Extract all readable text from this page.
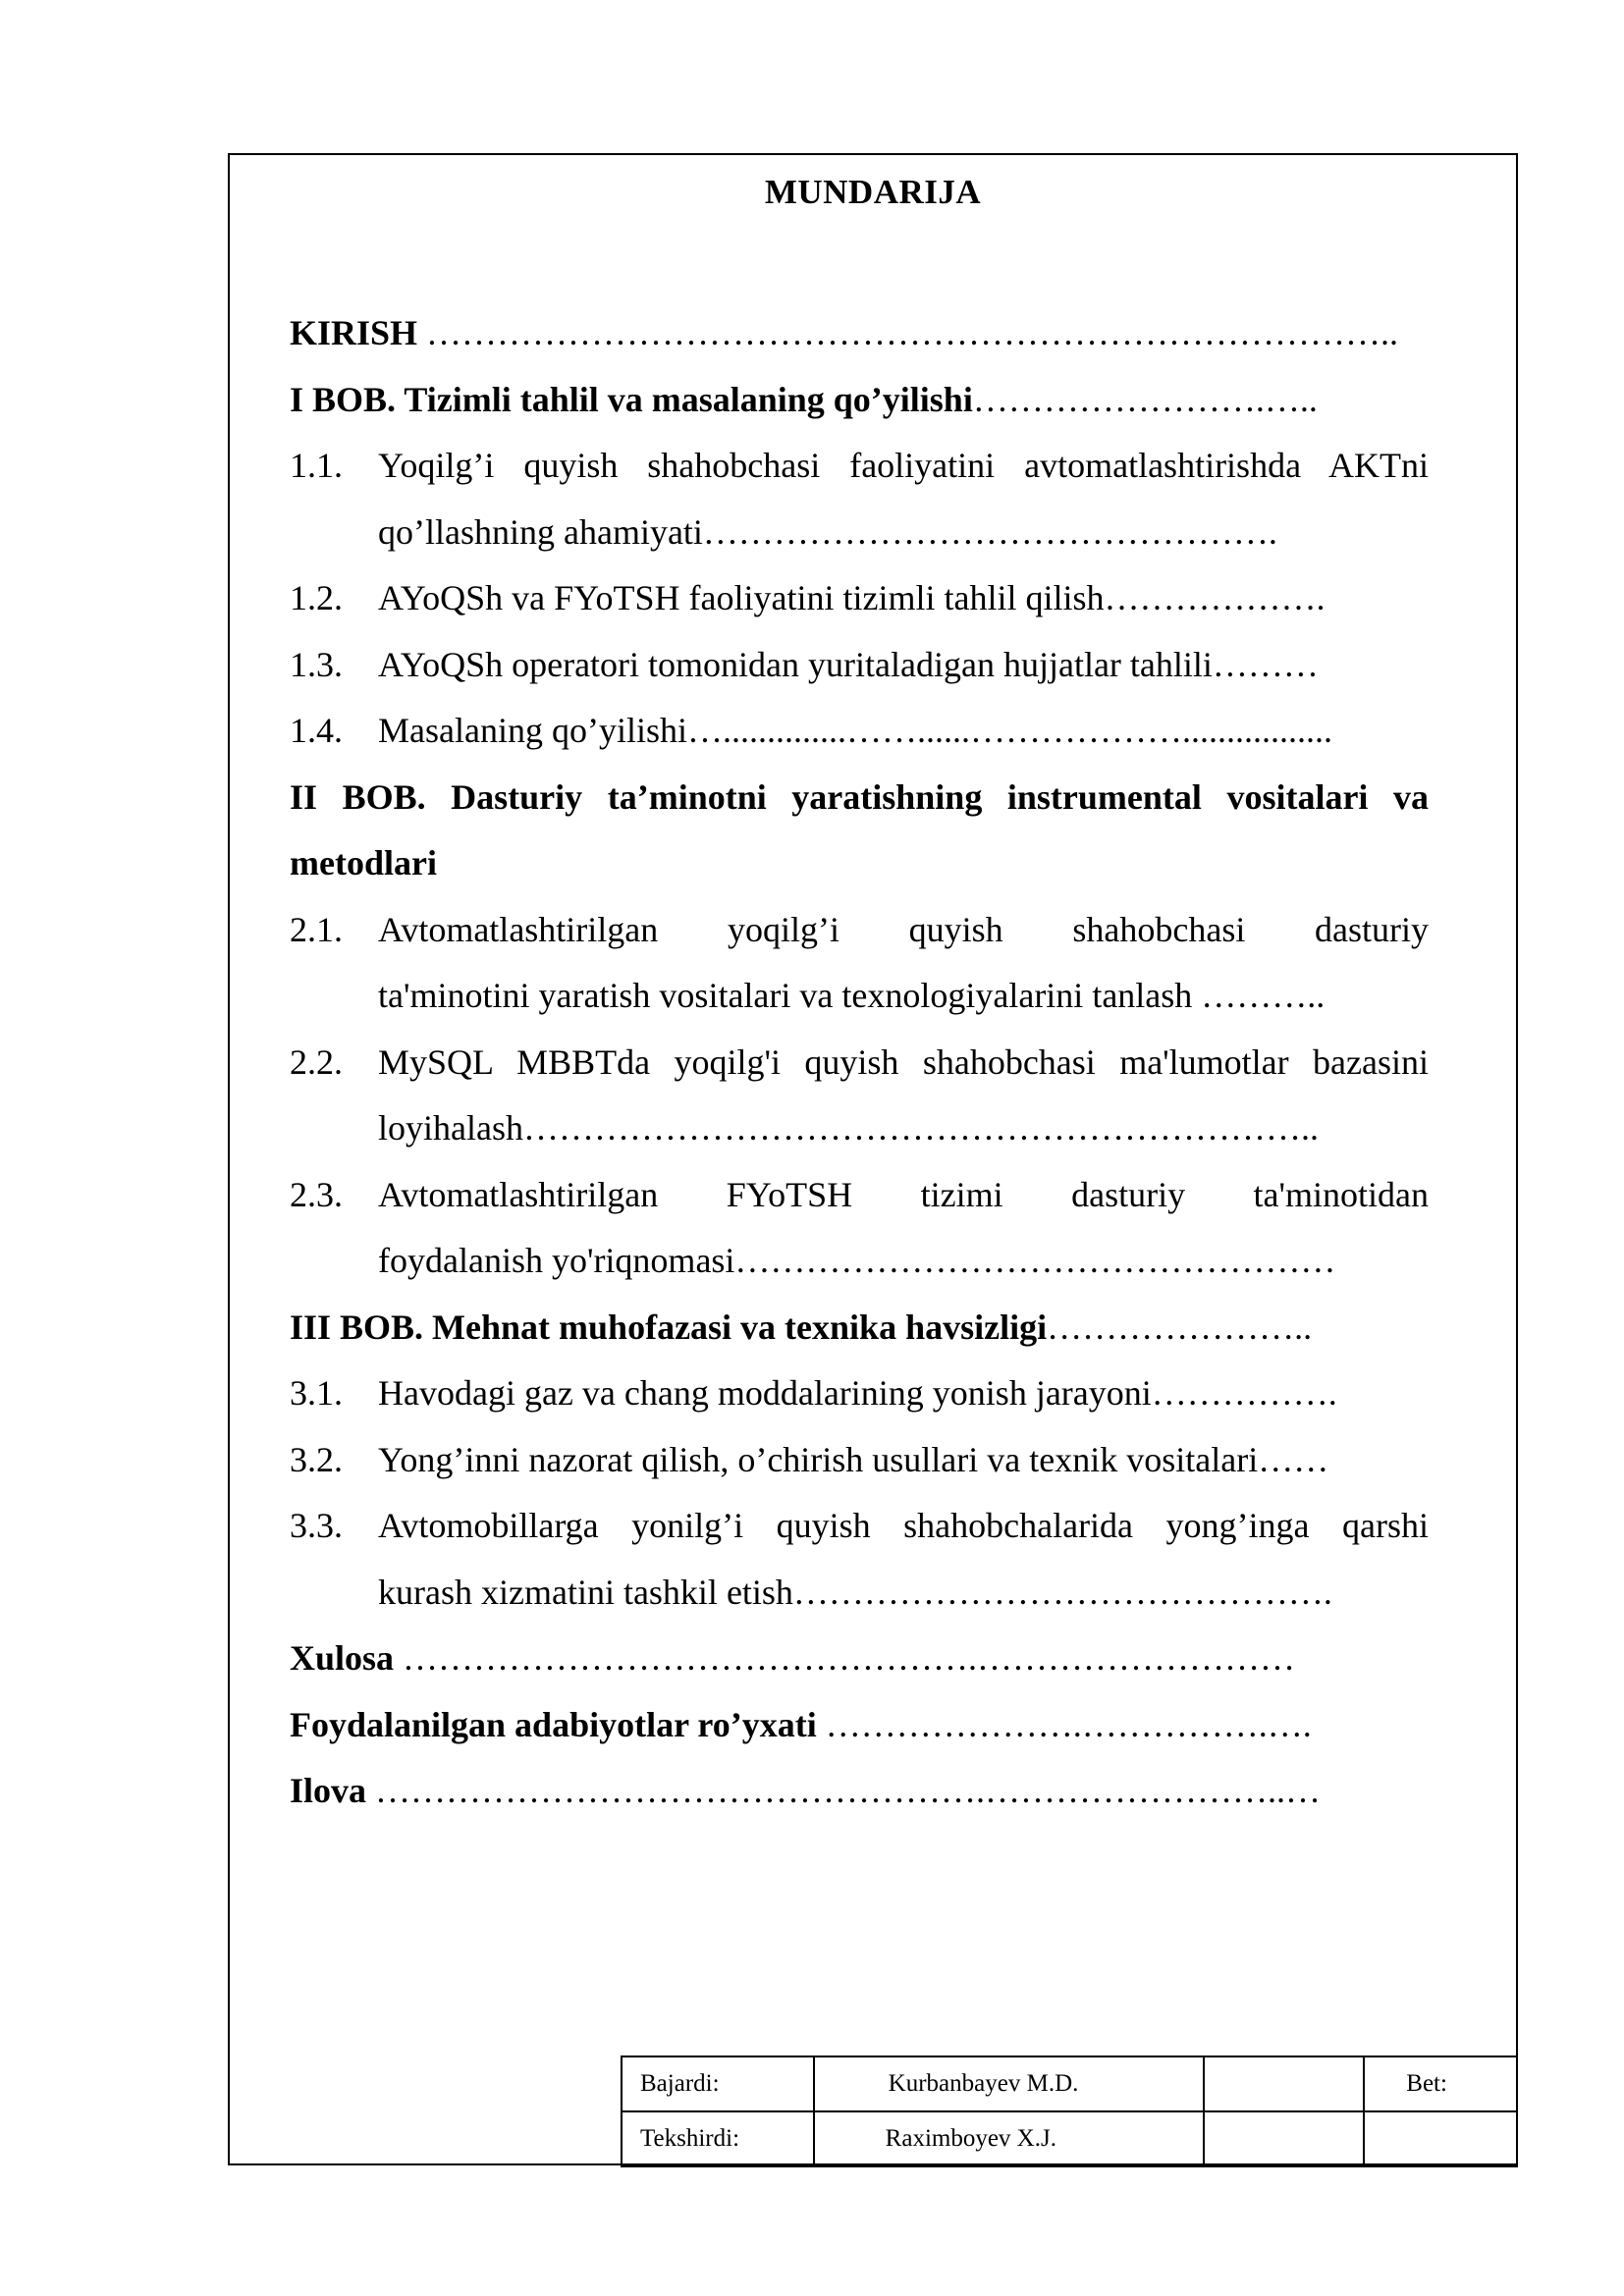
MUNDARIJA
KIRISH ………………………………………………………………………..
I BOB. Tizimli tahlil va masalaning qo’yilishi…………………….…..
1.1.	Yoqilg’i quyish shahobchasi faoliyatini avtomatlashtirishda AKTni
qo’llashning ahamiyati………………………………………….
1.2.	AYoQSh va FYoTSH faoliyatini tizimli tahlil qilish……………….
1.3.	AYoQSh operatori tomonidan yuritaladigan hujjatlar tahlili………
1.4.	Masalaning qo’yilishi…..............……......……………….................
II BOB. Dasturiy ta’minotni yaratishning instrumental vositalari va
metodlari
2.1.	Avtomatlashtirilgan yoqilg’i quyish shahobchasi dasturiy
ta'minotini yaratish vositalari va texnologiyalarini tanlash ………..
2.2.	MySQL MBBTda yoqilg'i quyish shahobchasi ma'lumotlar bazasini
loyihalash…………………………………………………………..
2.3.	Avtomatlashtirilgan FYoTSH tizimi dasturiy ta'minotidan
foydalanish yo'riqnomasi……………………………………………
III BOB. Mehnat muhofazasi va texnika havsizligi…………………..
3.1.	Havodagi gaz va chang moddalarining yonish jarayoni…………….
3.2.	Yong’inni nazorat qilish, o’chirish usullari va texnik vositalari……
3.3.	Avtomobillarga yonilg’i quyish shahobchalarida yong’inga qarshi
kurash xizmatini tashkil etish……………………………………….
Xulosa ………………………………………….………………………
Foydalanilgan adabiyotlar ro’yxati ………………….…………….….
Ilova …………………………………………….……………………..…
Bajardi:	Kurbanbayev M.D.		Bet:
Tekshirdi:	Raximboyev X.J.		
